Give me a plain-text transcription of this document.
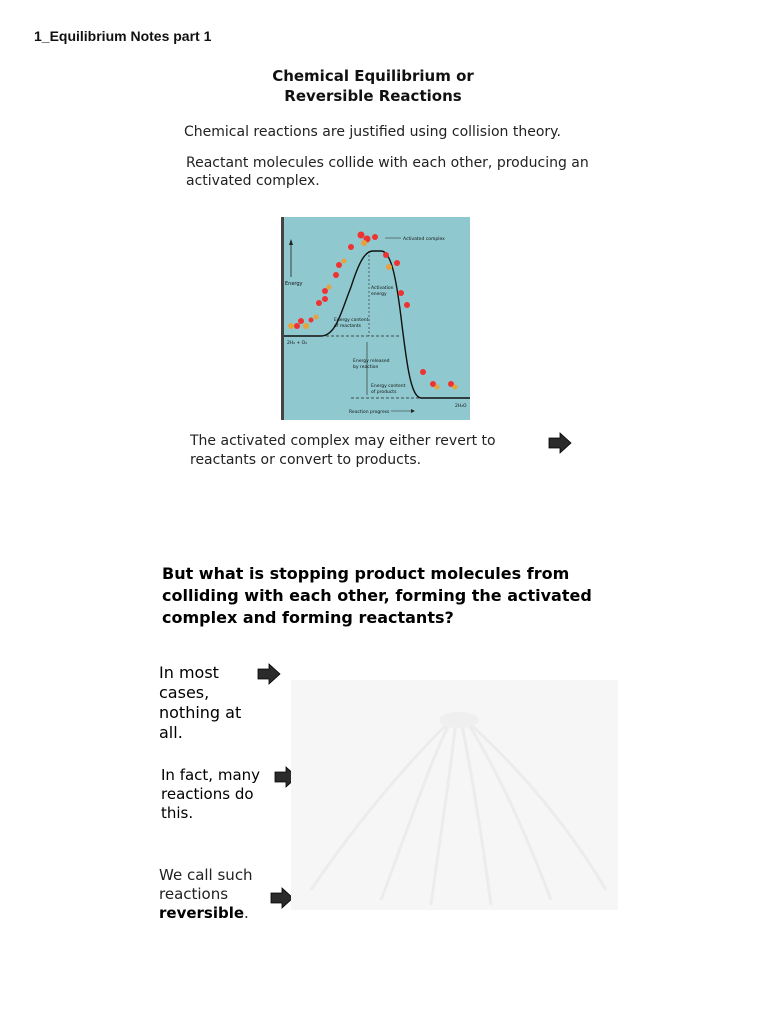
1_Equilibrium Notes part 1
Chemical Equilibrium or
Reversible Reactions
Chemical reactions are justified using collision theory.
Reactant molecules collide with each other, producing an activated complex.
Energy
Activated complex
Activation
energy
Energy content
of reactants
Energy released
by reaction
Energy content
of products
2H₂ + O₂
2H₂O
Reaction progress
The activated complex may either revert to reactants or convert to products.
But what is stopping product molecules from colliding with each other, forming the activated complex and forming reactants?
In most cases, nothing at all.
In fact, many reactions do this.
We call such reactions reversible.
